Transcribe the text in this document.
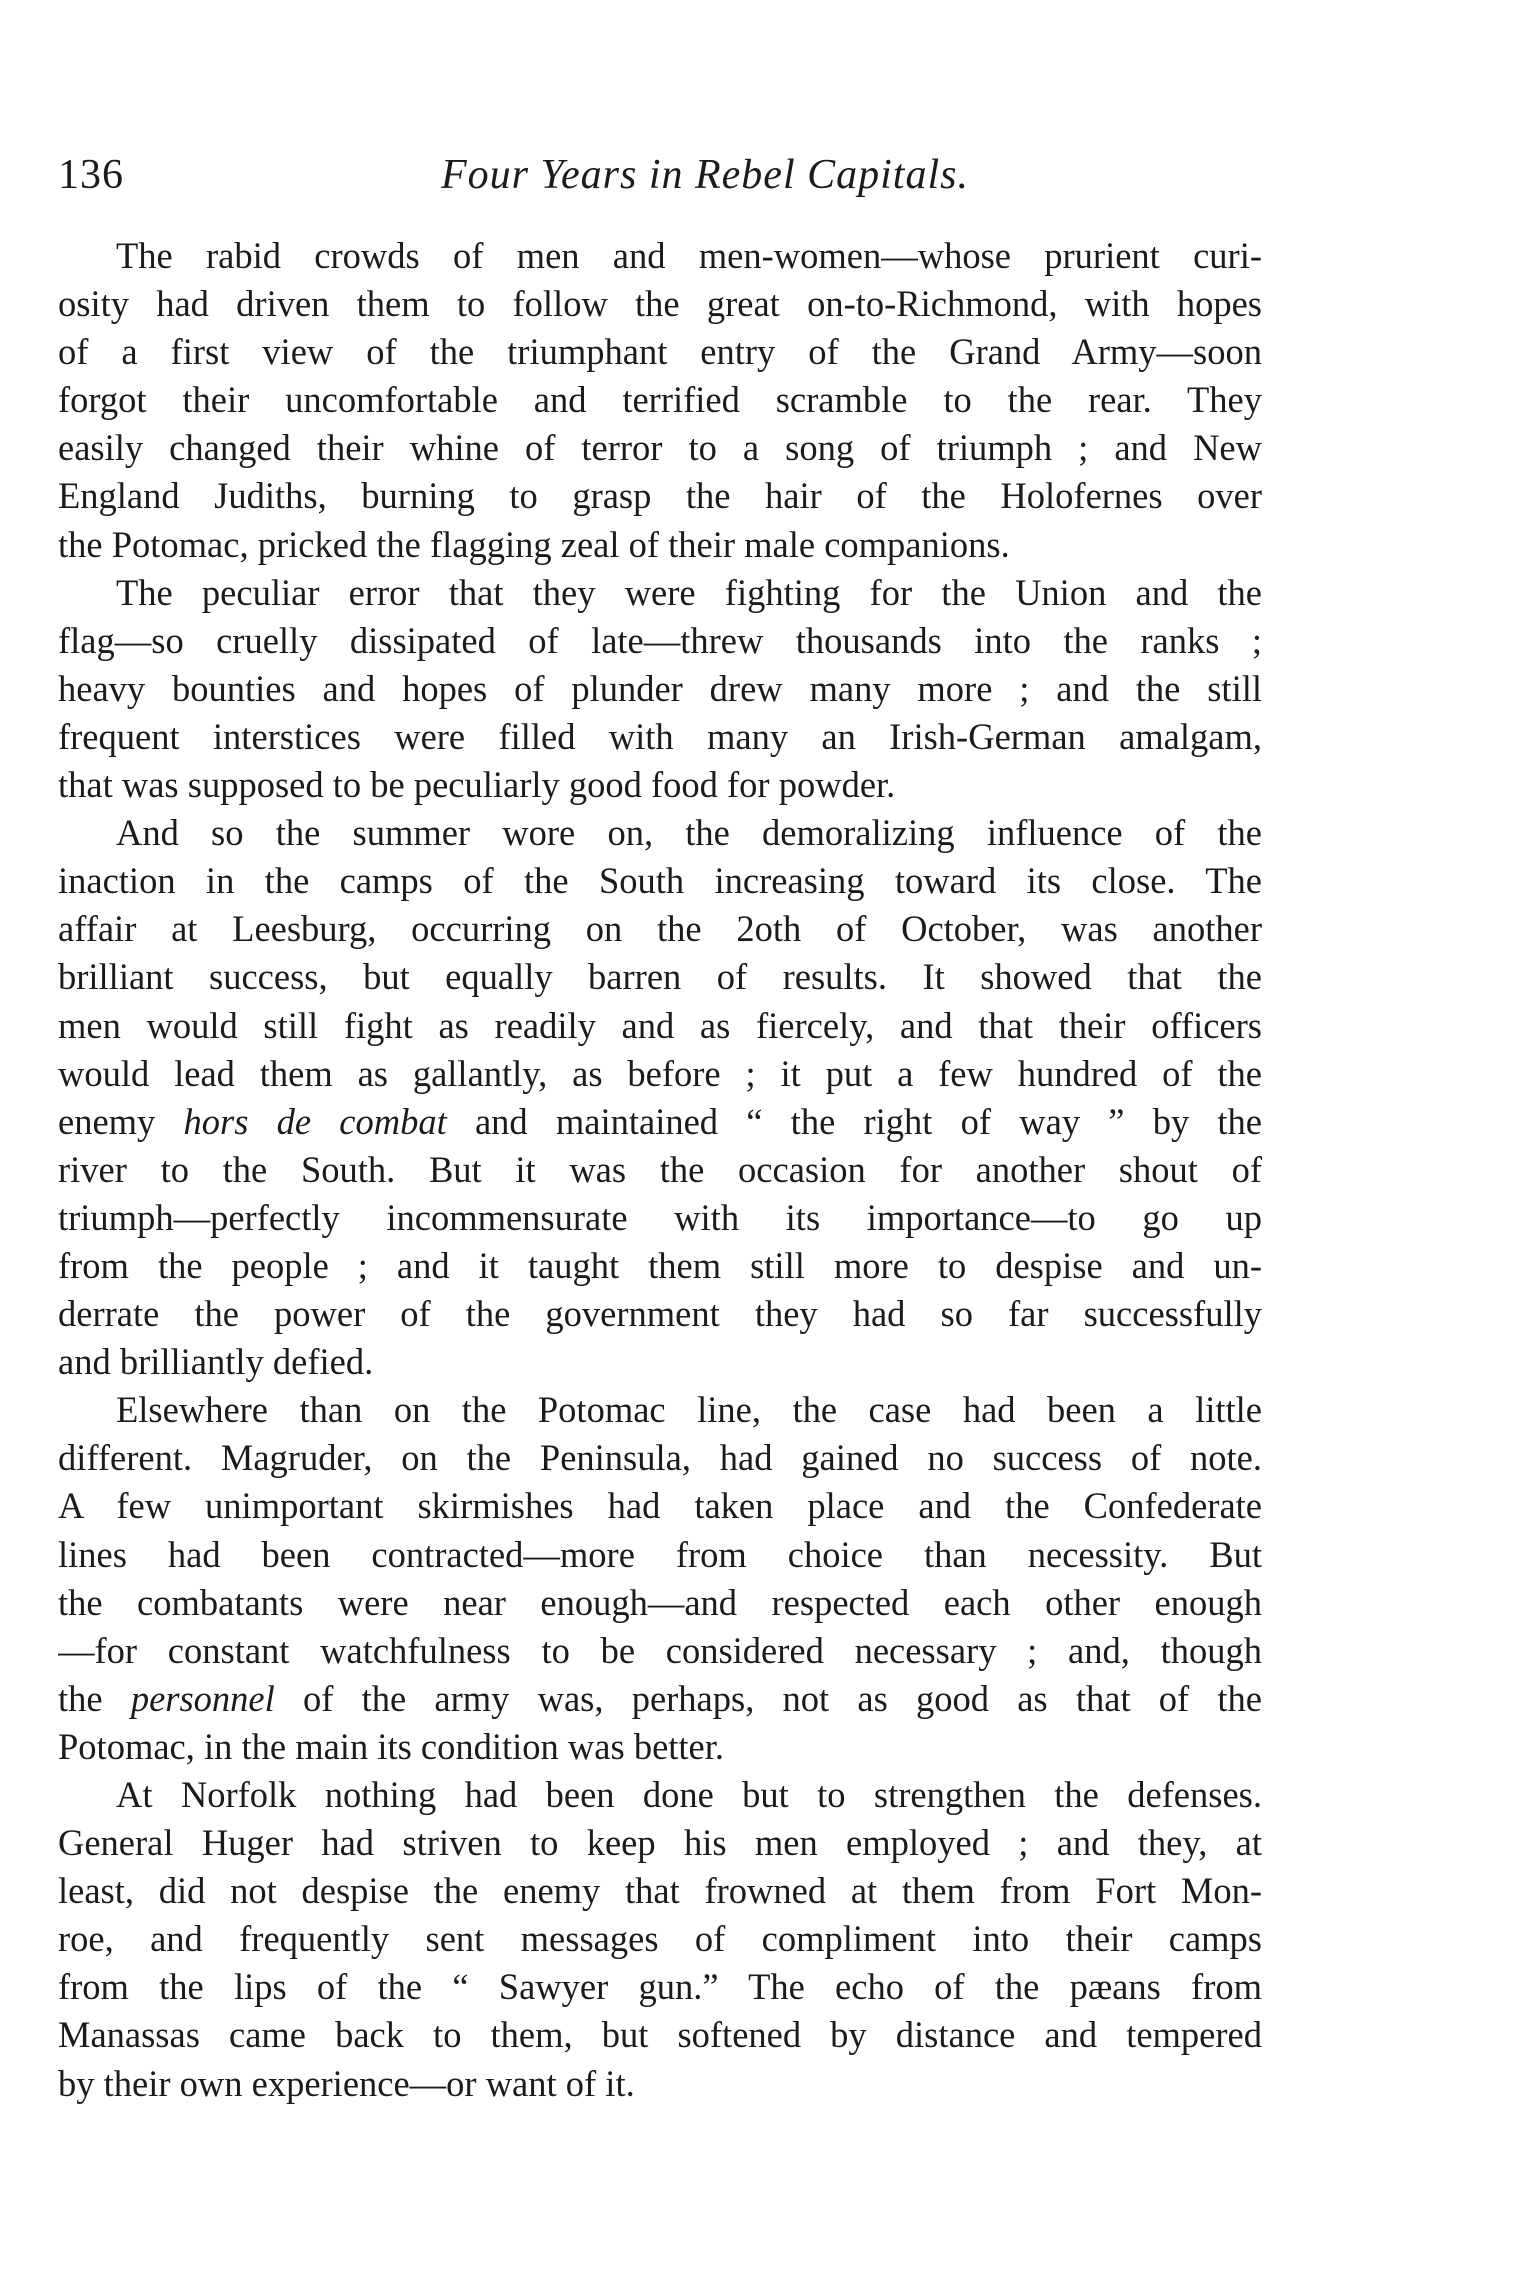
136	Four Years in Rebel Capitals.
The rabid crowds of men and men-women—whose prurient curi-
osity had driven them to follow the great on-to-Richmond, with hopes
of a first view of the triumphant entry of the Grand Army—soon
forgot their uncomfortable and terrified scramble to the rear. They
easily changed their whine of terror to a song of triumph ; and New
England Judiths, burning to grasp the hair of the Holofernes over
the Potomac, pricked the flagging zeal of their male companions.
The peculiar error that they were fighting for the Union and the
flag—so cruelly dissipated of late—threw thousands into the ranks ;
heavy bounties and hopes of plunder drew many more ; and the still
frequent interstices were filled with many an Irish-German amalgam,
that was supposed to be peculiarly good food for powder.
And so the summer wore on, the demoralizing influence of the
inaction in the camps of the South increasing toward its close. The
affair at Leesburg, occurring on the 2oth of October, was another
brilliant success, but equally barren of results. It showed that the
men would still fight as readily and as fiercely, and that their officers
would lead them as gallantly, as before ; it put a few hundred of the
enemy hors de combat and maintained “ the right of way ” by the
river to the South. But it was the occasion for another shout of
triumph—perfectly incommensurate with its importance—to go up
from the people ; and it taught them still more to despise and un-
derrate the power of the government they had so far successfully
and brilliantly defied.
Elsewhere than on the Potomac line, the case had been a little
different. Magruder, on the Peninsula, had gained no success of note.
A few unimportant skirmishes had taken place and the Confederate
lines had been contracted—more from choice than necessity. But
the combatants were near enough—and respected each other enough
—for constant watchfulness to be considered necessary ; and, though
the personnel of the army was, perhaps, not as good as that of the
Potomac, in the main its condition was better.
At Norfolk nothing had been done but to strengthen the defenses.
General Huger had striven to keep his men employed ; and they, at
least, did not despise the enemy that frowned at them from Fort Mon-
roe, and frequently sent messages of compliment into their camps
from the lips of the “ Sawyer gun.” The echo of the pæans from
Manassas came back to them, but softened by distance and tempered
by their own experience—or want of it.
